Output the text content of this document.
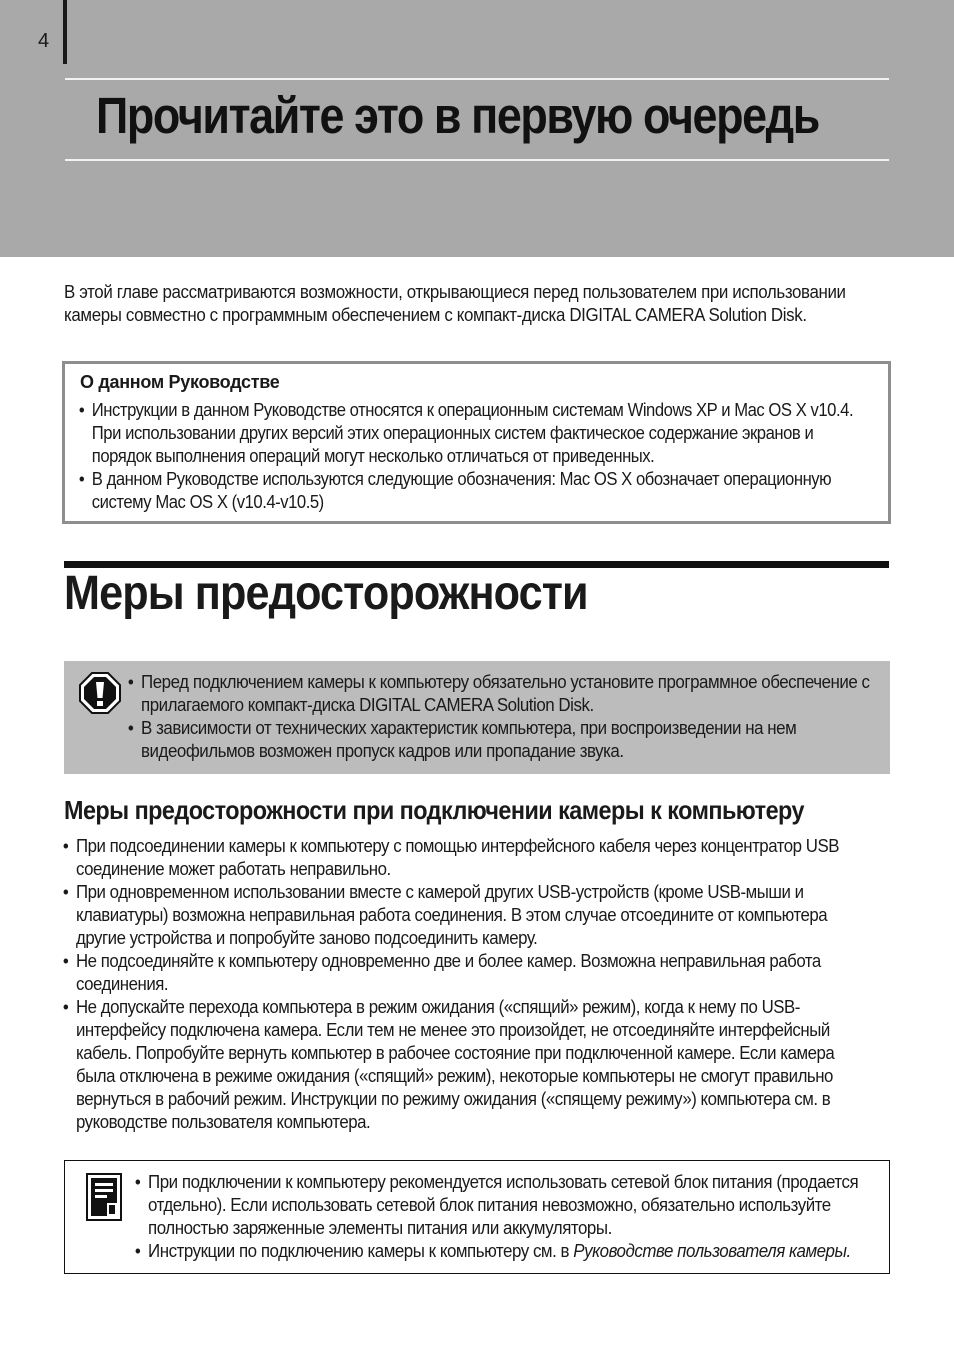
4
Прочитайте это в первую очередь

В этой главе рассматриваются возможности, открывающиеся перед пользователем при использовании камеры совместно с программным обеспечением с компакт-диска DIGITAL CAMERA Solution Disk.

О данном Руководстве
• Инструкции в данном Руководстве относятся к операционным системам Windows XP и Mac OS X v10.4. При использовании других версий этих операционных систем фактическое содержание экранов и порядок выполнения операций могут несколько отличаться от приведенных.
• В данном Руководстве используются следующие обозначения: Mac OS X обозначает операционную систему Mac OS X (v10.4-v10.5)
Меры предосторожности
• Перед подключением камеры к компьютеру обязательно установите программное обеспечение с прилагаемого компакт-диска DIGITAL CAMERA Solution Disk.
• В зависимости от технических характеристик компьютера, при воспроизведении на нем видеофильмов возможен пропуск кадров или пропадание звука.
Меры предосторожности при подключении камеры к компьютеру
• При подсоединении камеры к компьютеру с помощью интерфейсного кабеля через концентратор USB соединение может работать неправильно.
• При одновременном использовании вместе с камерой других USB-устройств (кроме USB-мыши и клавиатуры) возможна неправильная работа соединения. В этом случае отсоедините от компьютера другие устройства и попробуйте заново подсоединить камеру.
• Не подсоединяйте к компьютеру одновременно две и более камер. Возможна неправильная работа соединения.
• Не допускайте перехода компьютера в режим ожидания («спящий» режим), когда к нему по USB-интерфейсу подключена камера. Если тем не менее это произойдет, не отсоединяйте интерфейсный кабель. Попробуйте вернуть компьютер в рабочее состояние при подключенной камере. Если камера была отключена в режиме ожидания («спящий» режим), некоторые компьютеры не смогут правильно вернуться в рабочий режим. Инструкции по режиму ожидания («спящему режиму») компьютера см. в руководстве пользователя компьютера.
• При подключении к компьютеру рекомендуется использовать сетевой блок питания (продается отдельно). Если использовать сетевой блок питания невозможно, обязательно используйте полностью заряженные элементы питания или аккумуляторы.
• Инструкции по подключению камеры к компьютеру см. в Руководстве пользователя камеры.
